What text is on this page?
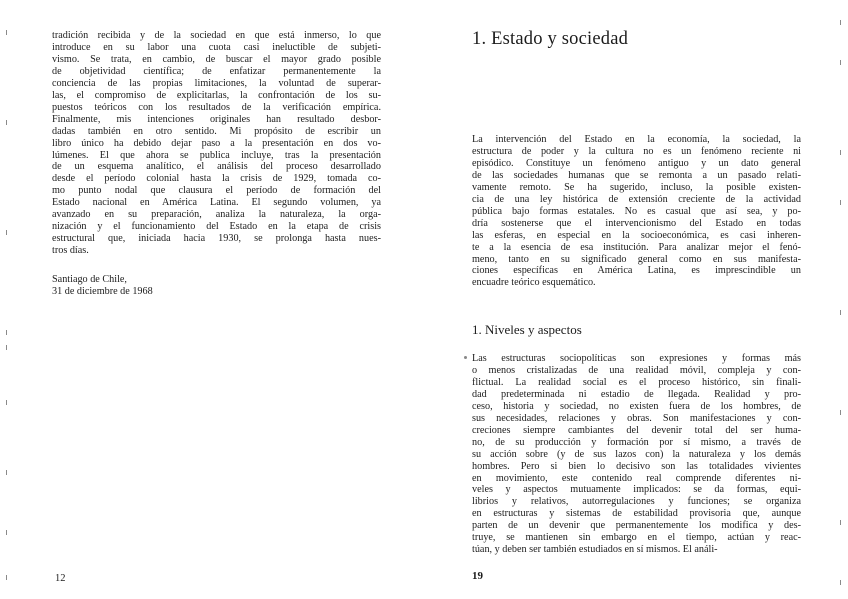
tradición recibida y de la sociedad en que está inmerso, lo que
introduce en su labor una cuota casi ineluctible de subjeti-
vismo. Se trata, en cambio, de buscar el mayor grado posible
de objetividad científica; de enfatizar permanentemente la
conciencia de las propias limitaciones, la voluntad de superar-
las, el compromiso de explicitarlas, la confrontación de los su-
puestos teóricos con los resultados de la verificación empírica.
Finalmente, mis intenciones originales han resultado desbor-
dadas también en otro sentido. Mi propósito de escribir un
libro único ha debido dejar paso a la presentación en dos vo-
lúmenes. El que ahora se publica incluye, tras la presentación
de un esquema analítico, el análisis del proceso desarrollado
desde el período colonial hasta la crisis de 1929, tomada co-
mo punto nodal que clausura el período de formación del
Estado nacional en América Latina. El segundo volumen, ya
avanzado en su preparación, analiza la naturaleza, la orga-
nización y el funcionamiento del Estado en la etapa de crisis
estructural que, iniciada hacia 1930, se prolonga hasta nues-
tros días.
Santiago de Chile,
31 de diciembre de 1968

12

1. Estado y sociedad
La intervención del Estado en la economía, la sociedad, la
estructura de poder y la cultura no es un fenómeno reciente ni
episódico. Constituye un fenómeno antiguo y un dato general
de las sociedades humanas que se remonta a un pasado relati-
vamente remoto. Se ha sugerido, incluso, la posible existen-
cia de una ley histórica de extensión creciente de la actividad
pública bajo formas estatales. No es casual que así sea, y po-
dría sostenerse que el intervencionismo del Estado en todas
las esferas, en especial en la socioeconómica, es casi inheren-
te a la esencia de esa institución. Para analizar mejor el fenó-
meno, tanto en su significado general como en sus manifesta-
ciones específicas en América Latina, es imprescindible un
encuadre teórico esquemático.
1. Niveles y aspectos
Las estructuras sociopolíticas son expresiones y formas más
o menos cristalizadas de una realidad móvil, compleja y con-
flictual. La realidad social es el proceso histórico, sin finali-
dad predeterminada ni estadio de llegada. Realidad y pro-
ceso, historia y sociedad, no existen fuera de los hombres, de
sus necesidades, relaciones y obras. Son manifestaciones y con-
creciones siempre cambiantes del devenir total del ser huma-
no, de su producción y formación por sí mismo, a través de
su acción sobre (y de sus lazos con) la naturaleza y los demás
hombres. Pero si bien lo decisivo son las totalidades vivientes
en movimiento, este contenido real comprende diferentes ni-
veles y aspectos mutuamente implicados: se da formas, equi-
librios y relativos, autorregulaciones y funciones; se organiza
en estructuras y sistemas de estabilidad provisoria que, aunque
parten de un devenir que permanentemente los modifica y des-
truye, se mantienen sin embargo en el tiempo, actúan y reac-
túan, y deben ser también estudiados en sí mismos. El análi-

19
